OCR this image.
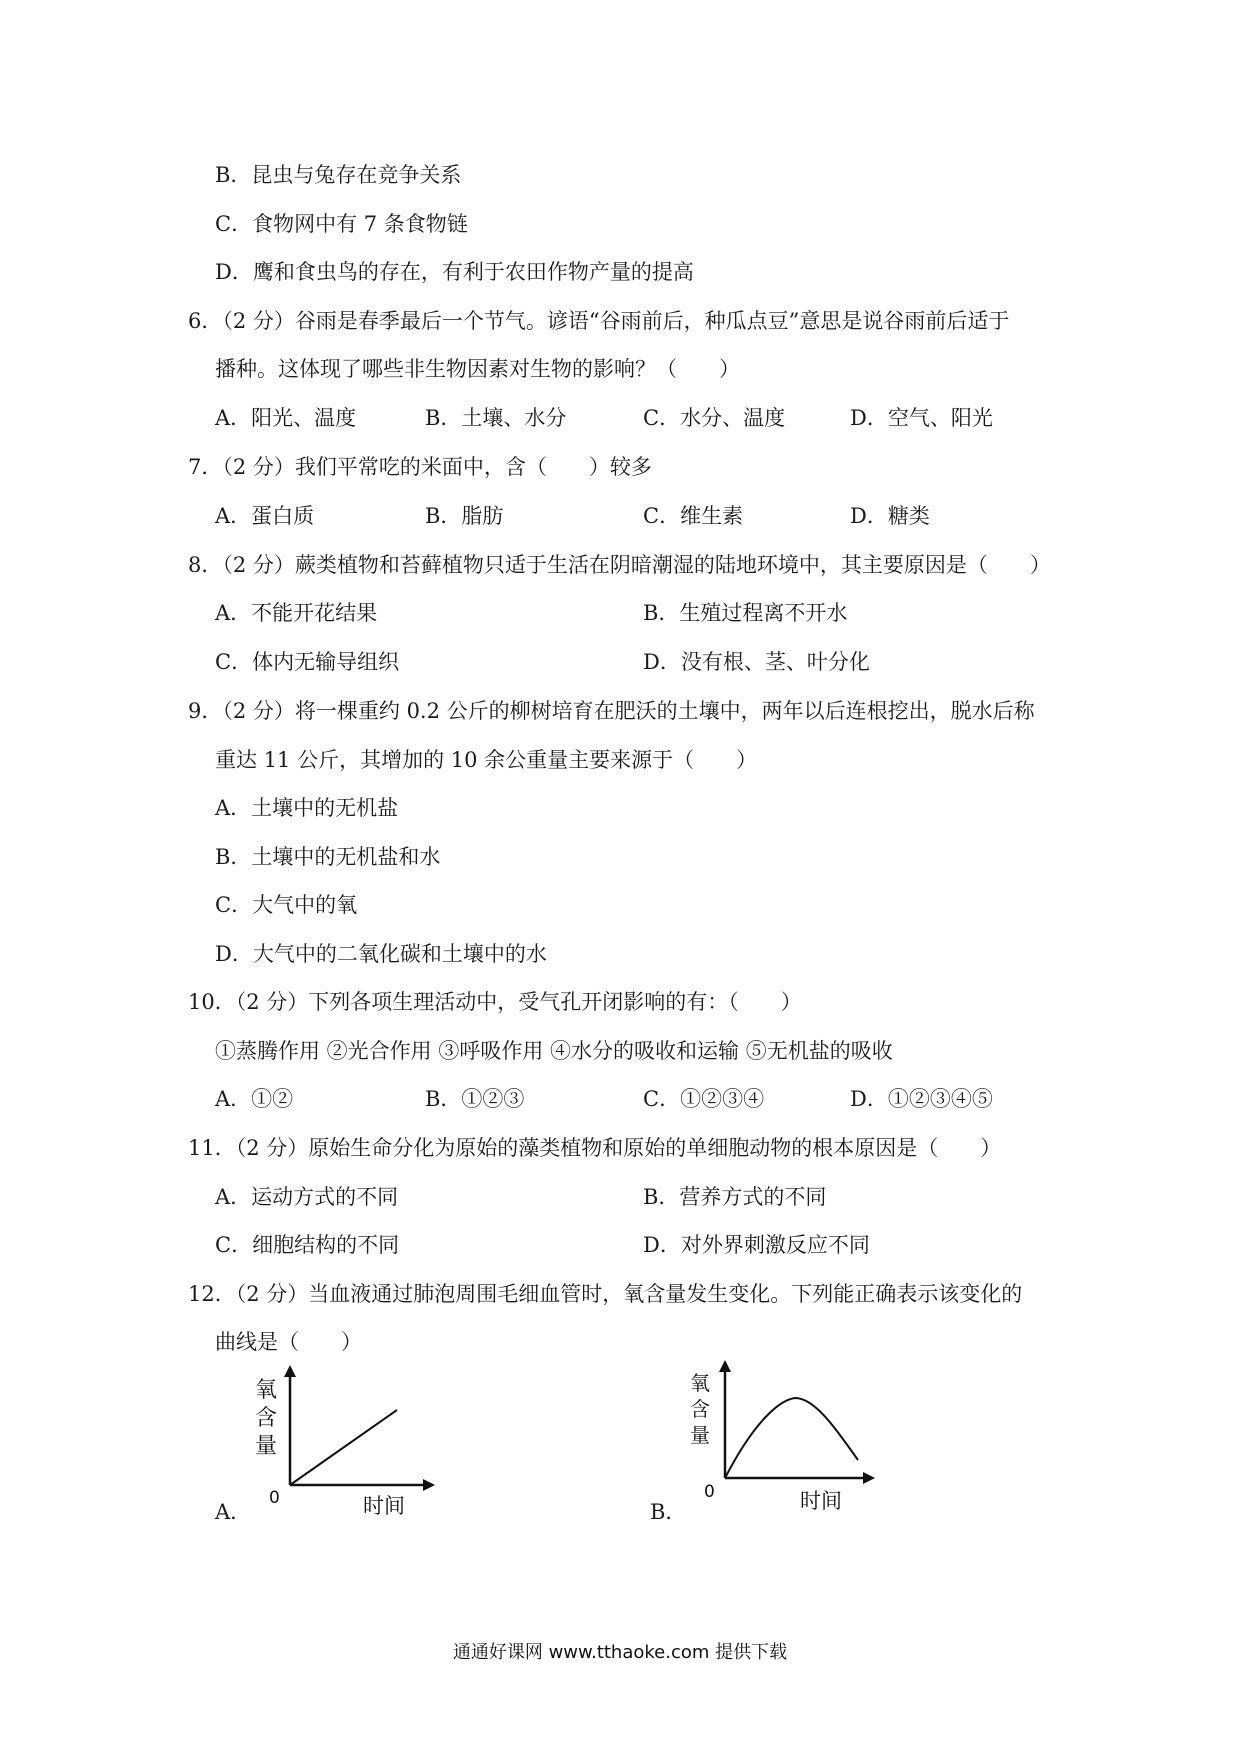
B．昆虫与兔存在竞争关系
C．食物网中有 7 条食物链
D．鹰和食虫鸟的存在，有利于农田作物产量的提高
6．（2 分）谷雨是春季最后一个节气。谚语“谷雨前后，种瓜点豆”意思是说谷雨前后适于
播种。这体现了哪些非生物因素对生物的影响？（　　）
A．阳光、温度	B．土壤、水分	C．水分、温度	D．空气、阳光
7．（2 分）我们平常吃的米面中，含（　　）较多
A．蛋白质	B．脂肪	C．维生素	D．糖类
8．（2 分）蕨类植物和苔藓植物只适于生活在阴暗潮湿的陆地环境中，其主要原因是（　　）
A．不能开花结果	B．生殖过程离不开水
C．体内无输导组织	D．没有根、茎、叶分化
9．（2 分）将一棵重约 0.2 公斤的柳树培育在肥沃的土壤中，两年以后连根挖出，脱水后称
重达 11 公斤，其增加的 10 余公重量主要来源于（　　）
A．土壤中的无机盐
B．土壤中的无机盐和水
C．大气中的氧
D．大气中的二氧化碳和土壤中的水
10．（2 分）下列各项生理活动中，受气孔开闭影响的有：（　　）
①蒸腾作用 ②光合作用 ③呼吸作用 ④水分的吸收和运输 ⑤无机盐的吸收
A．①②	B．①②③	C．①②③④	D．①②③④⑤
11．（2 分）原始生命分化为原始的藻类植物和原始的单细胞动物的根本原因是（　　）
A．运动方式的不同	B．营养方式的不同
C．细胞结构的不同	D．对外界刺激反应不同
12．（2 分）当血液通过肺泡周围毛细血管时，氧含量发生变化。下列能正确表示该变化的
曲线是（　　）
A．
氧
含
量
0	时间	B．
氧
含
量
0	时间
通通好课网 www.tthaoke.com 提供下载
